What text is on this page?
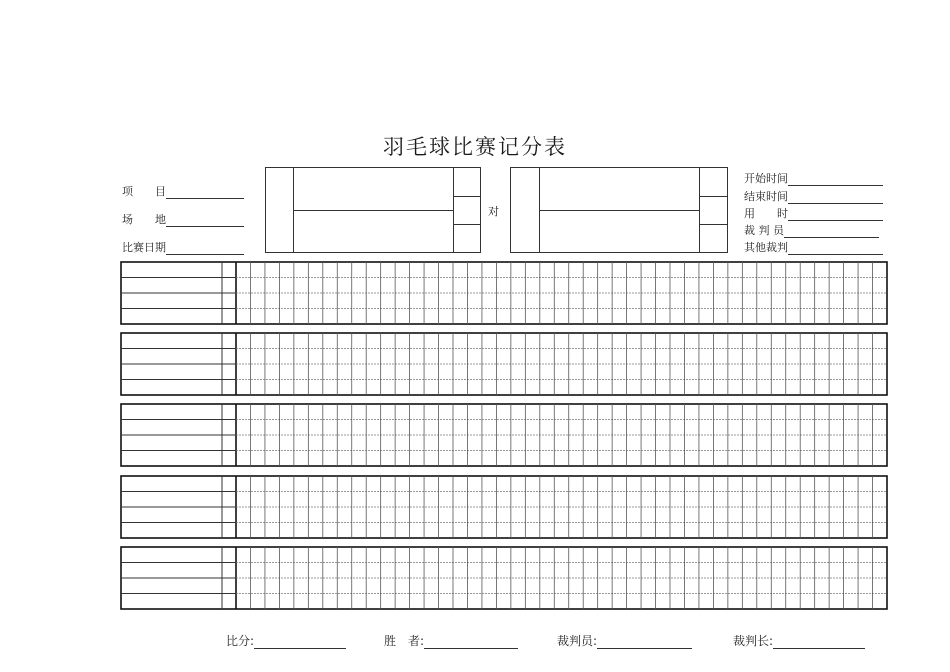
羽毛球比赛记分表
项　　目
场　　地
比赛日期
对
开始时间
结束时间
用　　时
裁 判 员
其他裁判
比分:	胜　者:	裁判员:	裁判长:
